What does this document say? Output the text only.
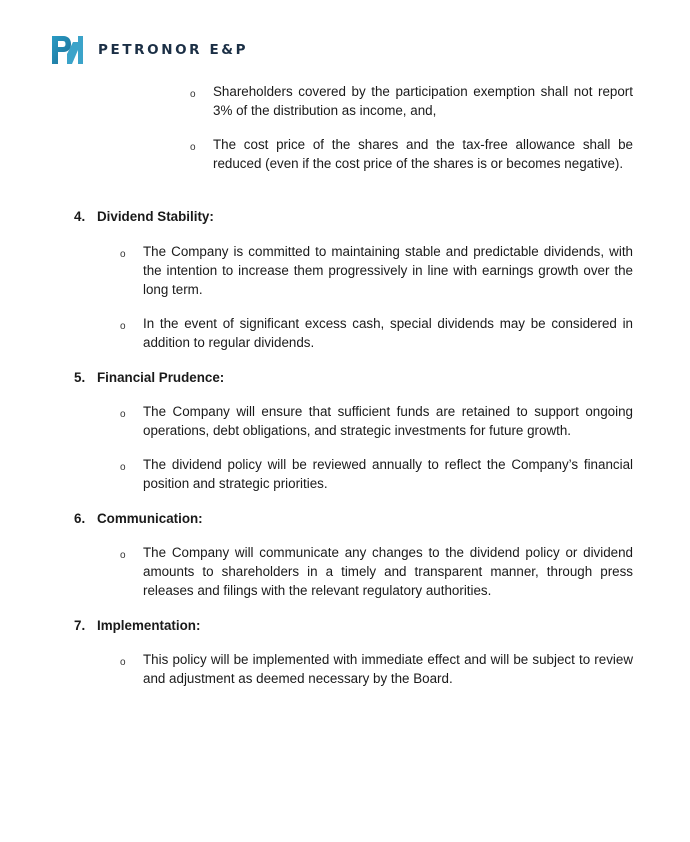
PETRONOR E&P
o Shareholders covered by the participation exemption shall not report 3% of the distribution as income, and,
o The cost price of the shares and the tax-free allowance shall be reduced (even if the cost price of the shares is or becomes negative).
4. Dividend Stability:
o The Company is committed to maintaining stable and predictable dividends, with the intention to increase them progressively in line with earnings growth over the long term.
o In the event of significant excess cash, special dividends may be considered in addition to regular dividends.
5. Financial Prudence:
o The Company will ensure that sufficient funds are retained to support ongoing operations, debt obligations, and strategic investments for future growth.
o The dividend policy will be reviewed annually to reflect the Company’s financial position and strategic priorities.
6. Communication:
o The Company will communicate any changes to the dividend policy or dividend amounts to shareholders in a timely and transparent manner, through press releases and filings with the relevant regulatory authorities.
7. Implementation:
o This policy will be implemented with immediate effect and will be subject to review and adjustment as deemed necessary by the Board.
